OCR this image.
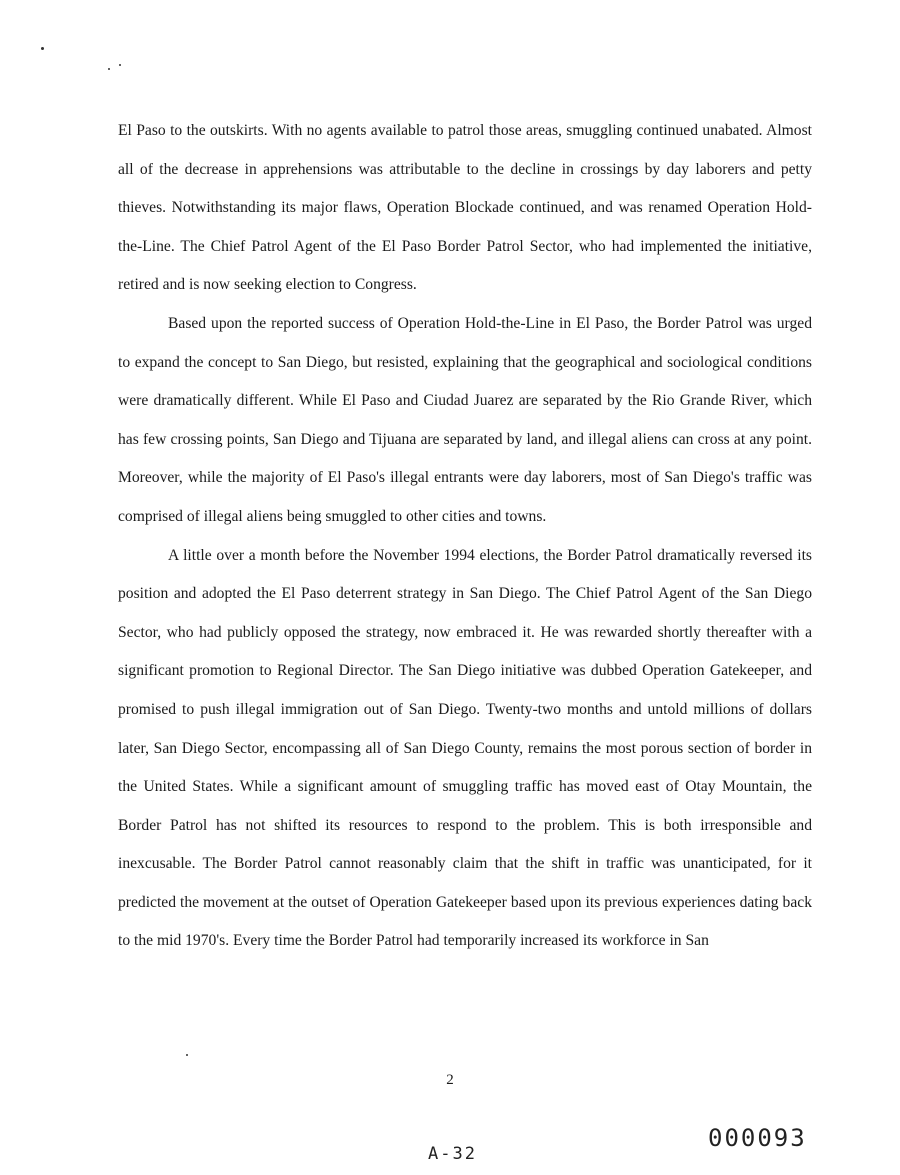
El Paso to the outskirts. With no agents available to patrol those areas, smuggling continued unabated. Almost all of the decrease in apprehensions was attributable to the decline in crossings by day laborers and petty thieves. Notwithstanding its major flaws, Operation Blockade continued, and was renamed Operation Hold-the-Line. The Chief Patrol Agent of the El Paso Border Patrol Sector, who had implemented the initiative, retired and is now seeking election to Congress.

Based upon the reported success of Operation Hold-the-Line in El Paso, the Border Patrol was urged to expand the concept to San Diego, but resisted, explaining that the geographical and sociological conditions were dramatically different. While El Paso and Ciudad Juarez are separated by the Rio Grande River, which has few crossing points, San Diego and Tijuana are separated by land, and illegal aliens can cross at any point. Moreover, while the majority of El Paso's illegal entrants were day laborers, most of San Diego's traffic was comprised of illegal aliens being smuggled to other cities and towns.

A little over a month before the November 1994 elections, the Border Patrol dramatically reversed its position and adopted the El Paso deterrent strategy in San Diego. The Chief Patrol Agent of the San Diego Sector, who had publicly opposed the strategy, now embraced it. He was rewarded shortly thereafter with a significant promotion to Regional Director. The San Diego initiative was dubbed Operation Gatekeeper, and promised to push illegal immigration out of San Diego. Twenty-two months and untold millions of dollars later, San Diego Sector, encompassing all of San Diego County, remains the most porous section of border in the United States. While a significant amount of smuggling traffic has moved east of Otay Mountain, the Border Patrol has not shifted its resources to respond to the problem. This is both irresponsible and inexcusable. The Border Patrol cannot reasonably claim that the shift in traffic was unanticipated, for it predicted the movement at the outset of Operation Gatekeeper based upon its previous experiences dating back to the mid 1970's. Every time the Border Patrol had temporarily increased its workforce in San

2
000093
A-32
